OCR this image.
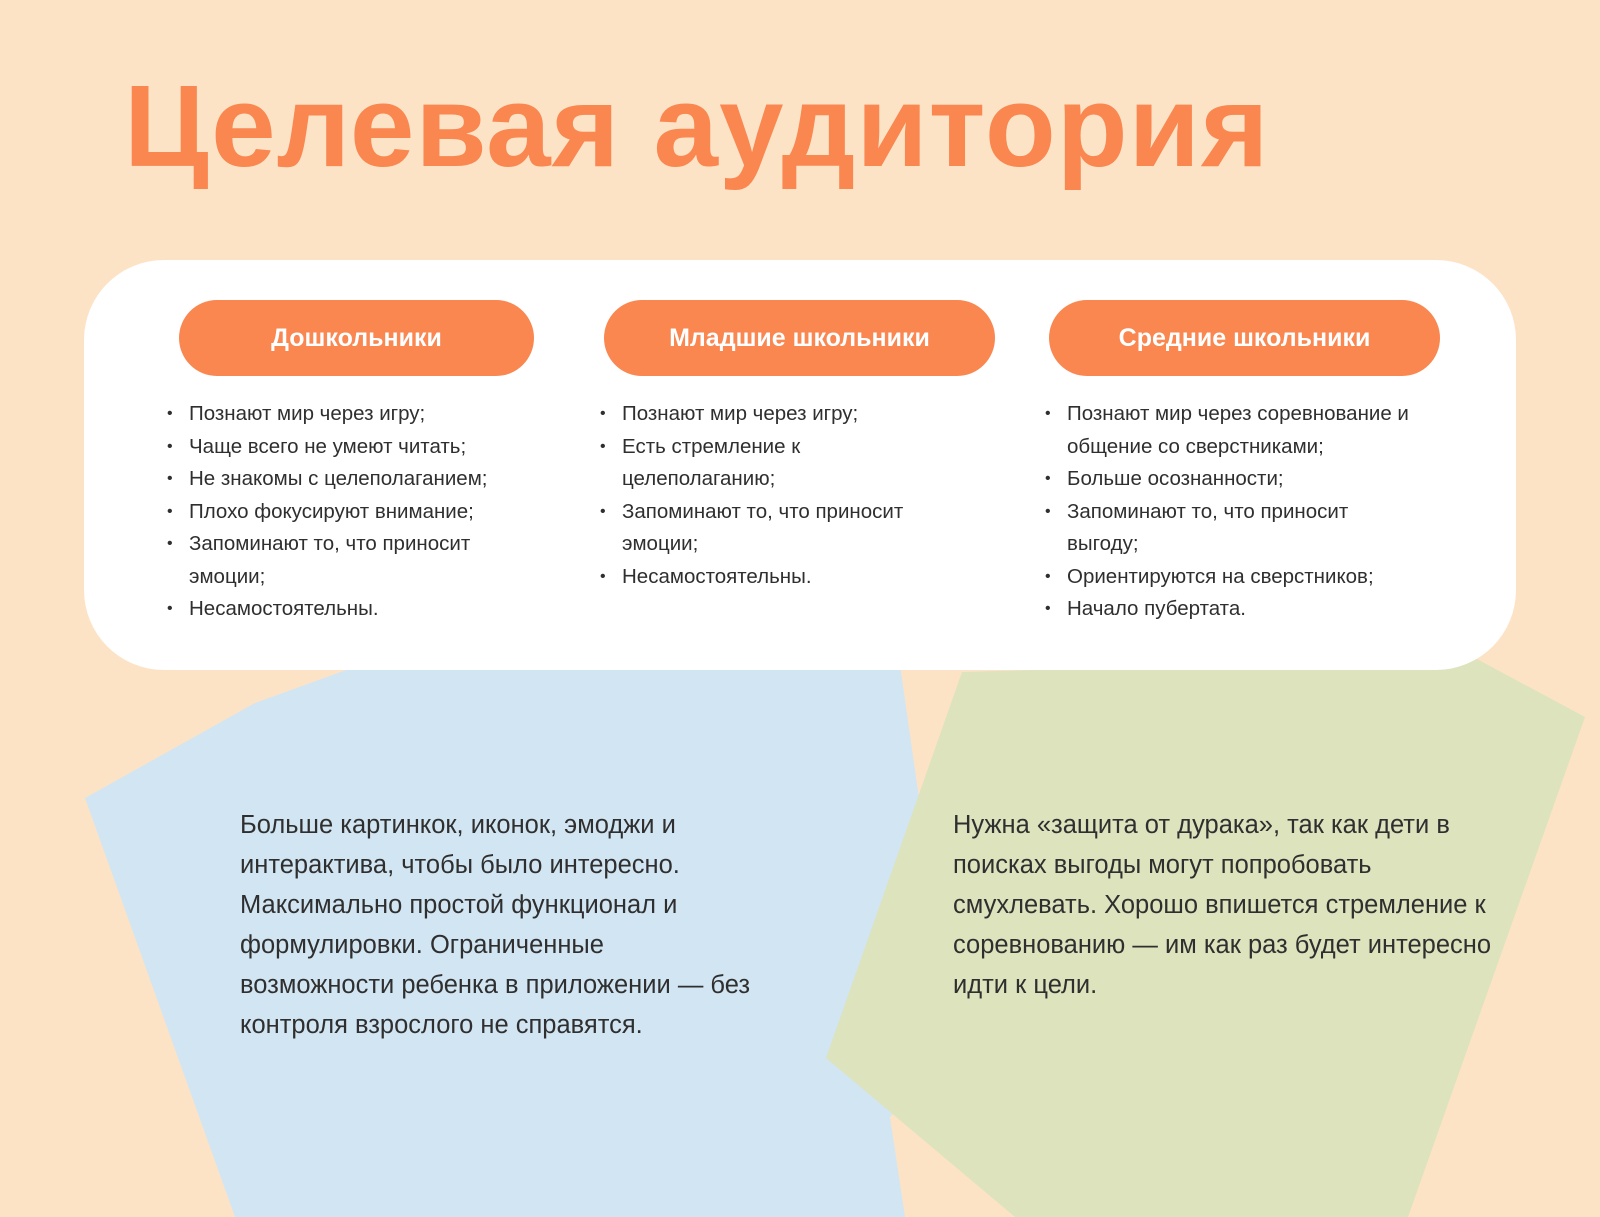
Целевая аудитория
Дошкольники
• Познают мир через игру;
• Чаще всего не умеют читать;
• Не знакомы с целеполаганием;
• Плохо фокусируют внимание;
• Запоминают то, что приносит эмоции;
• Несамостоятельны.
Младшие школьники
• Познают мир через игру;
• Есть стремление к целеполаганию;
• Запоминают то, что приносит эмоции;
• Несамостоятельны.
Средние школьники
• Познают мир через соревнование и общение со сверстниками;
• Больше осознанности;
• Запоминают то, что приносит выгоду;
• Ориентируются на сверстников;
• Начало пубертата.

Больше картинкок, иконок, эмоджи и интерактива, чтобы было интересно. Максимально простой функционал и формулировки. Ограниченные возможности ребенка в приложении — без контроля взрослого не справятся.

Нужна «защита от дурака», так как дети в поисках выгоды могут попробовать смухлевать. Хорошо впишется стремление к соревнованию — им как раз будет интересно идти к цели.
